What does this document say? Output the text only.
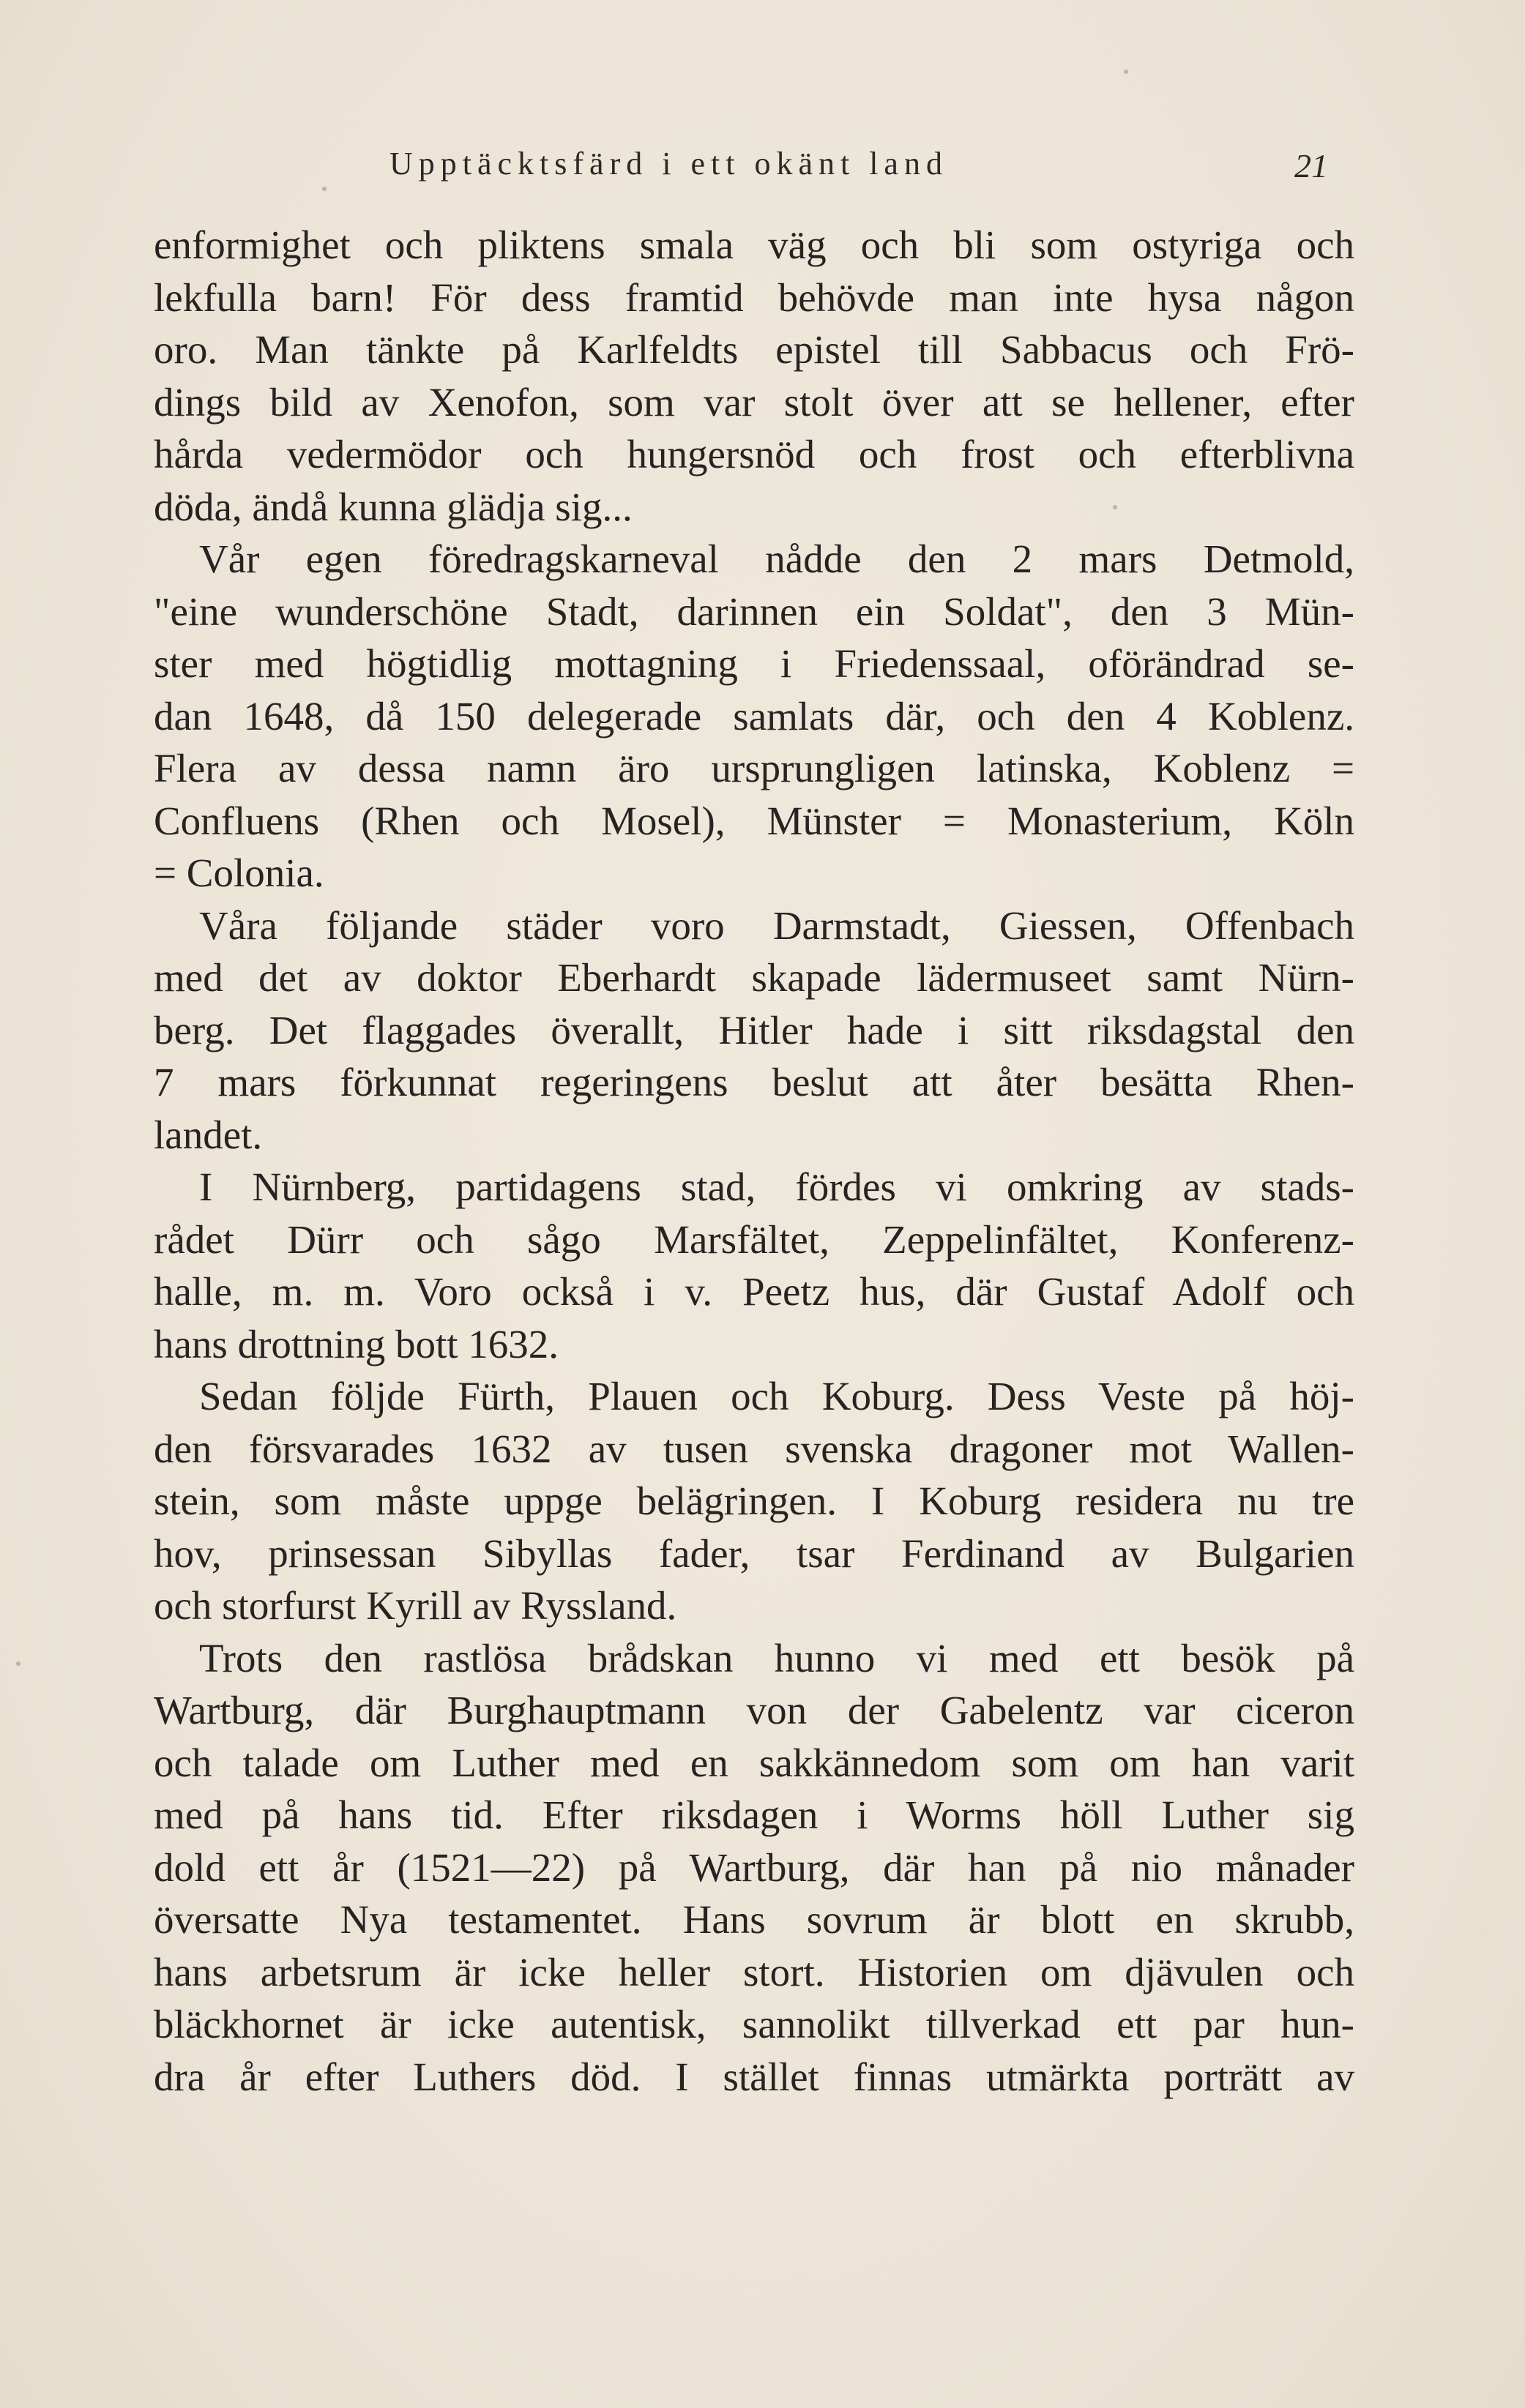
Upptäcktsfärd i ett okänt land	21
enformighet och pliktens smala väg och bli som ostyriga och
lekfulla barn! För dess framtid behövde man inte hysa någon
oro. Man tänkte på Karlfeldts epistel till Sabbacus och Frö-
dings bild av Xenofon, som var stolt över att se hellener, efter
hårda vedermödor och hungersnöd och frost och efterblivna
döda, ändå kunna glädja sig...
Vår egen föredragskarneval nådde den 2 mars Detmold,
"eine wunderschöne Stadt, darinnen ein Soldat", den 3 Mün-
ster med högtidlig mottagning i Friedenssaal, oförändrad se-
dan 1648, då 150 delegerade samlats där, och den 4 Koblenz.
Flera av dessa namn äro ursprungligen latinska, Koblenz =
Confluens (Rhen och Mosel), Münster = Monasterium, Köln
= Colonia.
Våra följande städer voro Darmstadt, Giessen, Offenbach
med det av doktor Eberhardt skapade lädermuseet samt Nürn-
berg. Det flaggades överallt, Hitler hade i sitt riksdagstal den
7 mars förkunnat regeringens beslut att åter besätta Rhen-
landet.
I Nürnberg, partidagens stad, fördes vi omkring av stads-
rådet Dürr och sågo Marsfältet, Zeppelinfältet, Konferenz-
halle, m. m. Voro också i v. Peetz hus, där Gustaf Adolf och
hans drottning bott 1632.
Sedan följde Fürth, Plauen och Koburg. Dess Veste på höj-
den försvarades 1632 av tusen svenska dragoner mot Wallen-
stein, som måste uppge belägringen. I Koburg residera nu tre
hov, prinsessan Sibyllas fader, tsar Ferdinand av Bulgarien
och storfurst Kyrill av Ryssland.
Trots den rastlösa brådskan hunno vi med ett besök på
Wartburg, där Burghauptmann von der Gabelentz var ciceron
och talade om Luther med en sakkännedom som om han varit
med på hans tid. Efter riksdagen i Worms höll Luther sig
dold ett år (1521—22) på Wartburg, där han på nio månader
översatte Nya testamentet. Hans sovrum är blott en skrubb,
hans arbetsrum är icke heller stort. Historien om djävulen och
bläckhornet är icke autentisk, sannolikt tillverkad ett par hun-
dra år efter Luthers död. I stället finnas utmärkta porträtt av
